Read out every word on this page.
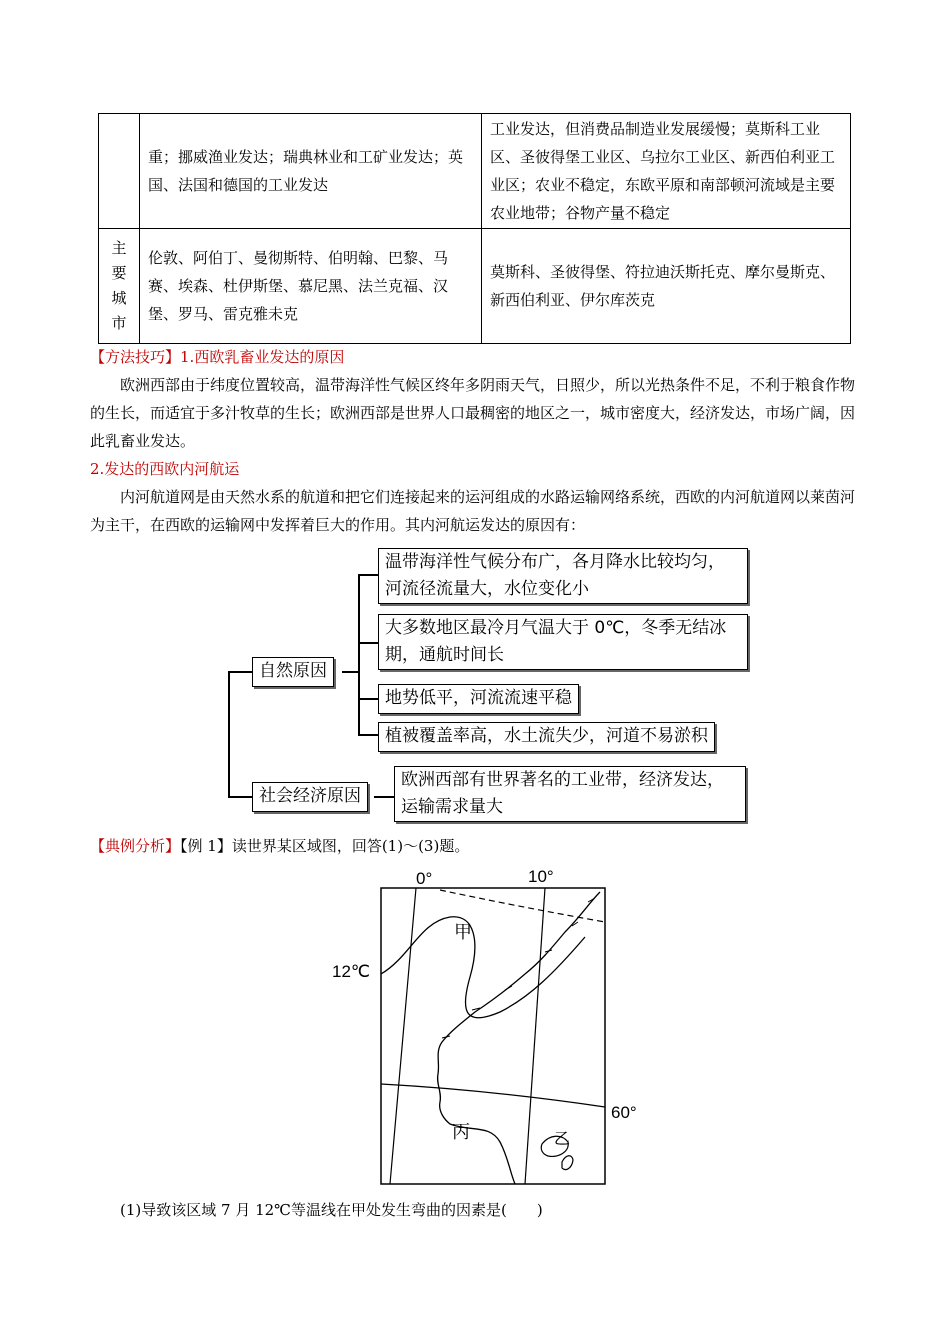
	重；挪威渔业发达；瑞典林业和工矿业发达；英国、法国和德国的工业发达	工业发达，但消费品制造业发展缓慢；莫斯科工业区、圣彼得堡工业区、乌拉尔工业区、新西伯利亚工业区；农业不稳定，东欧平原和南部顿河流域是主要农业地带；谷物产量不稳定

主
要
城
市	伦敦、阿伯丁、曼彻斯特、伯明翰、巴黎、马赛、埃森、杜伊斯堡、慕尼黑、法兰克福、汉堡、罗马、雷克雅未克	莫斯科、圣彼得堡、符拉迪沃斯托克、摩尔曼斯克、新西伯利亚、伊尔库茨克
【方法技巧】1.西欧乳畜业发达的原因
欧洲西部由于纬度位置较高，温带海洋性气候区终年多阴雨天气，日照少，所以光热条件不足，不利于粮食作物的生长，而适宜于多汁牧草的生长；欧洲西部是世界人口最稠密的地区之一，城市密度大，经济发达，市场广阔，因此乳畜业发达。
2.发达的西欧内河航运
内河航道网是由天然水系的航道和把它们连接起来的运河组成的水路运输网络系统，西欧的内河航道网以莱茵河为主干，在西欧的运输网中发挥着巨大的作用。其内河航运发达的原因有：
自然原因
社会经济原因
温带海洋性气候分布广，各月降水比较均匀，
河流径流量大，水位变化小
大多数地区最冷月气温大于 0℃，冬季无结冰
期，通航时间长
地势低平，河流流速平稳
植被覆盖率高，水土流失少，河道不易淤积
欧洲西部有世界著名的工业带，经济发达，
运输需求量大
【典例分析】【例 1】读世界某区域图，回答(1)～(3)题。
0°	10°
12℃
60°
甲
乙
丙
(1)导致该区域 7 月 12℃等温线在甲处发生弯曲的因素是(　　)
